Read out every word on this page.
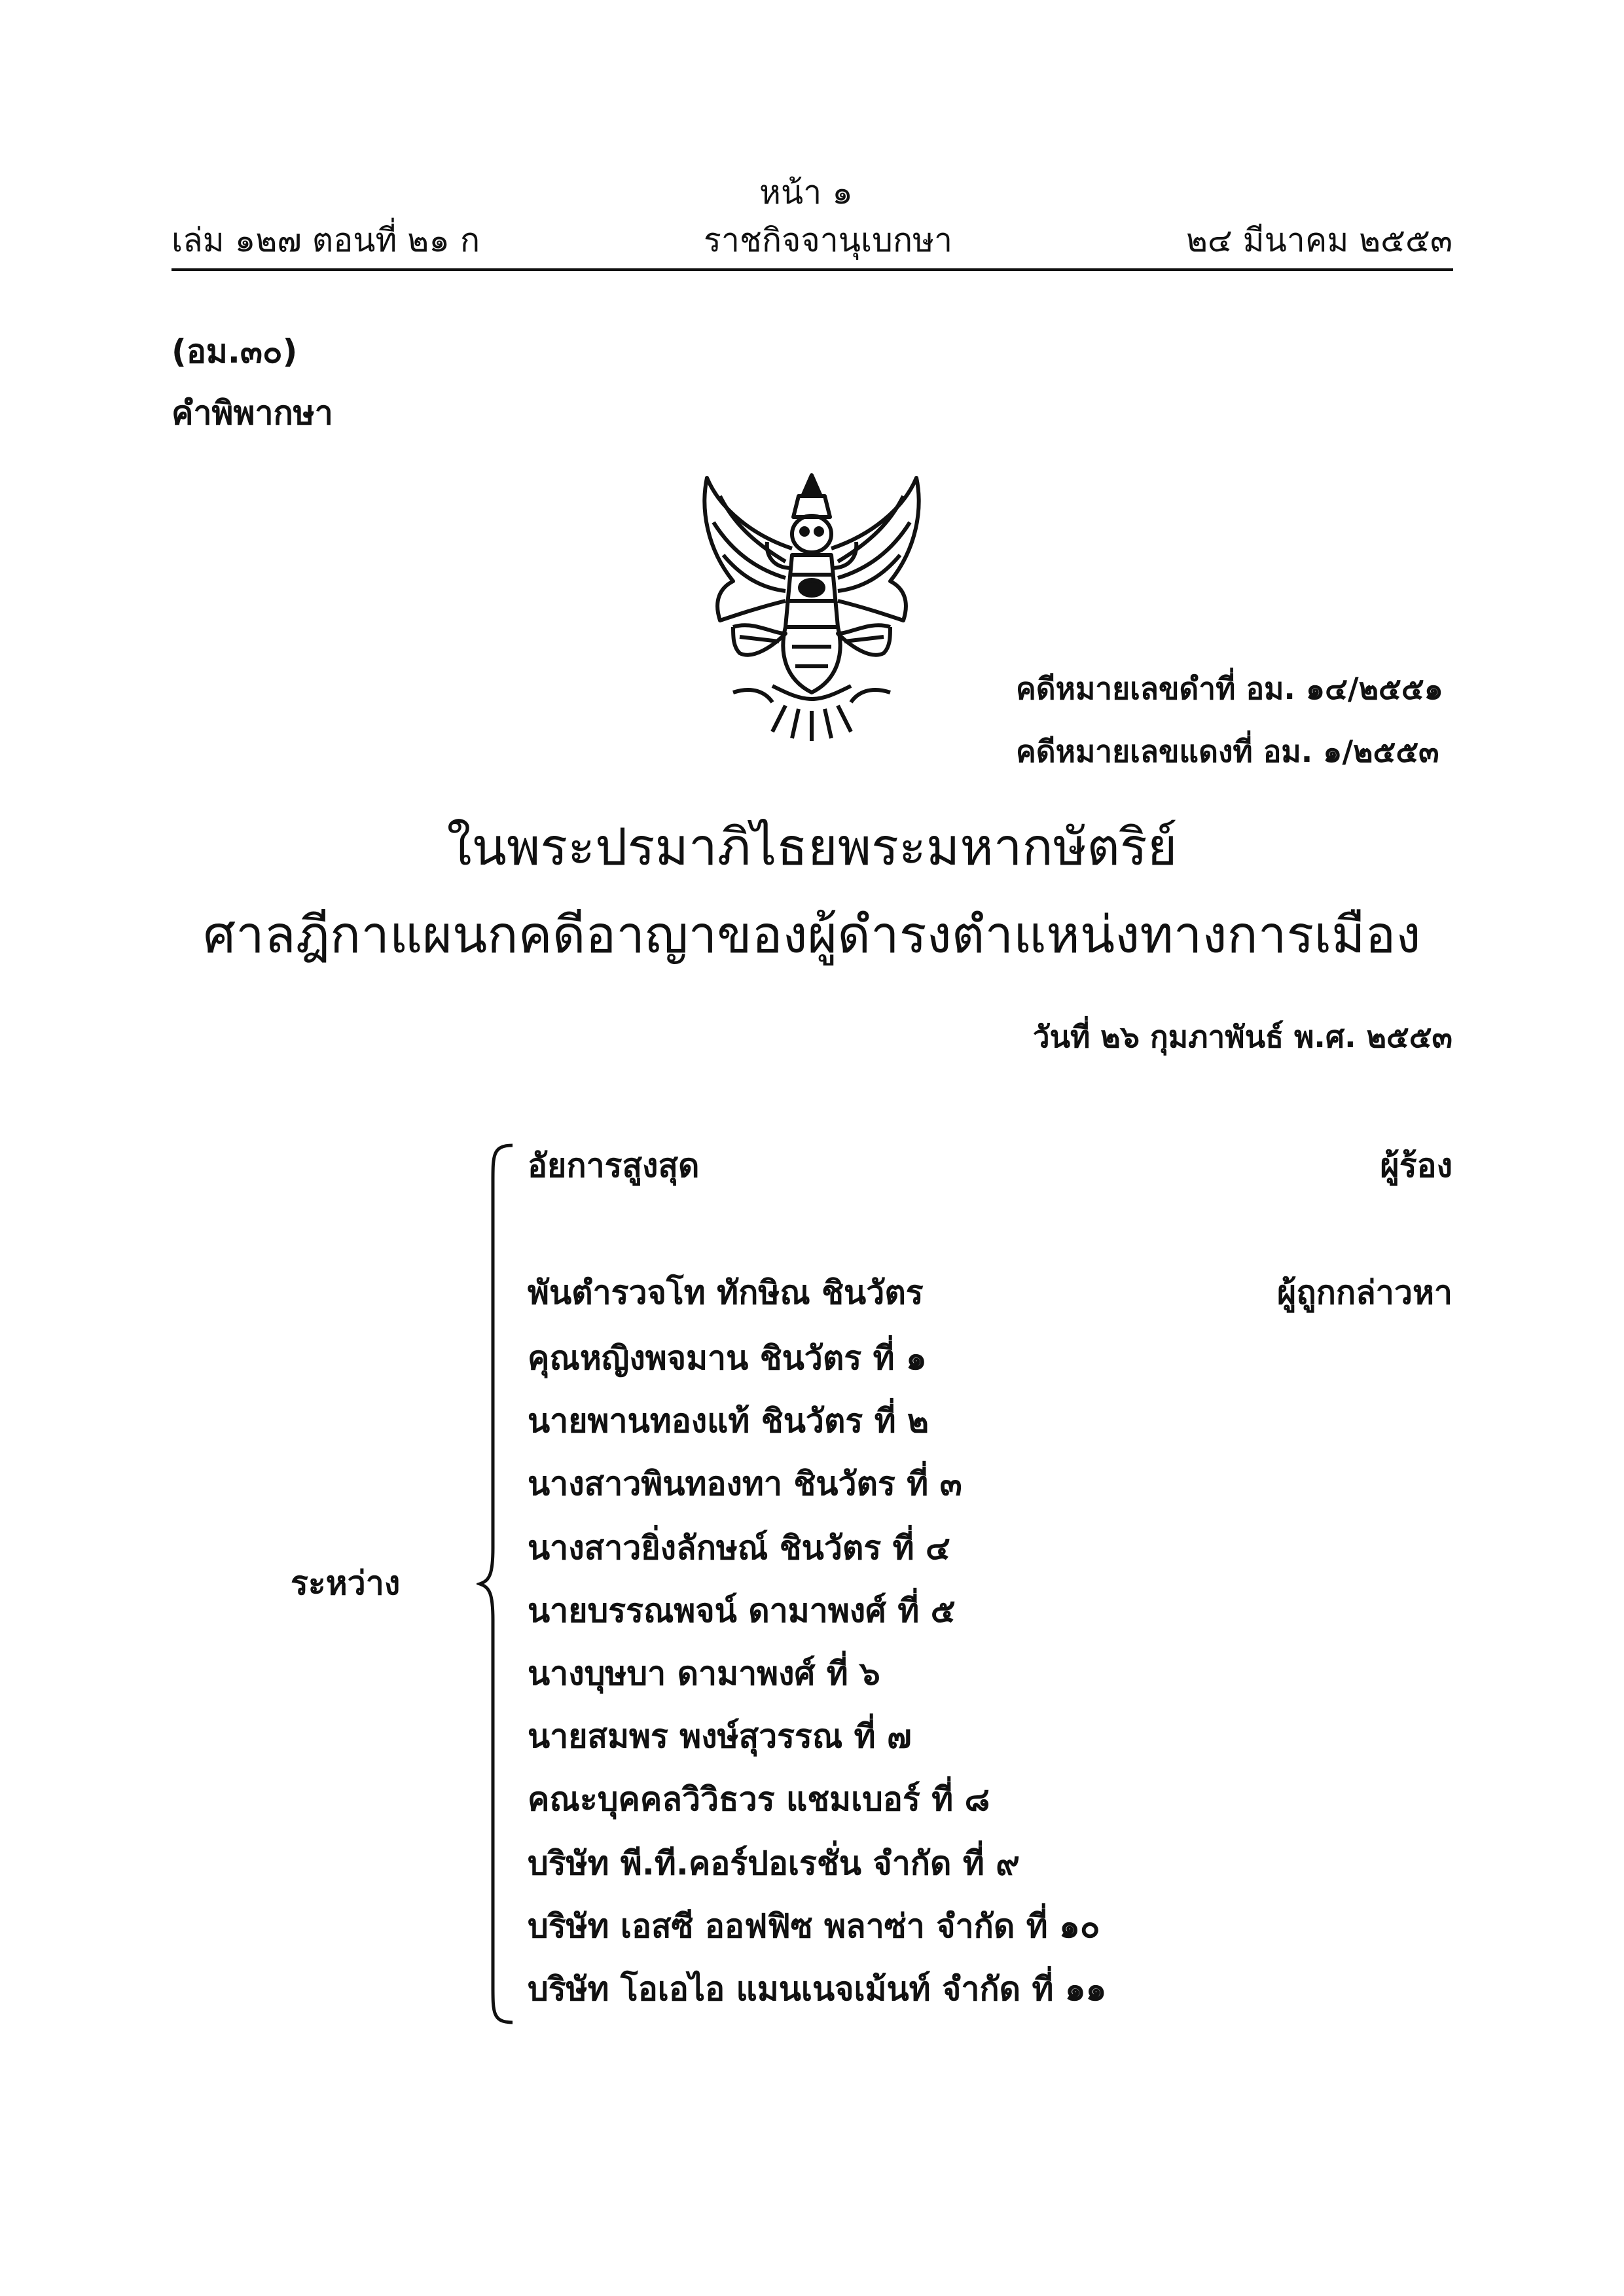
หน้า ๑
เล่ม ๑๒๗ ตอนที่ ๒๑ ก	ราชกิจจานุเบกษา	๒๔ มีนาคม ๒๕๕๓
(อม.๓๐)
คำพิพากษา
คดีหมายเลขดำที่ อม. ๑๔/๒๕๕๑
คดีหมายเลขแดงที่ อม. ๑/๒๕๕๓
ในพระปรมาภิไธยพระมหากษัตริย์
ศาลฎีกาแผนกคดีอาญาของผู้ดำรงตำแหน่งทางการเมือง
วันที่ ๒๖ กุมภาพันธ์ พ.ศ. ๒๕๕๓
ระหว่าง
อัยการสูงสุด	ผู้ร้อง
พันตำรวจโท ทักษิณ ชินวัตร	ผู้ถูกกล่าวหา
คุณหญิงพจมาน ชินวัตร ที่ ๑
นายพานทองแท้ ชินวัตร ที่ ๒
นางสาวพินทองทา ชินวัตร ที่ ๓
นางสาวยิ่งลักษณ์ ชินวัตร ที่ ๔
นายบรรณพจน์ ดามาพงศ์ ที่ ๕
นางบุษบา ดามาพงศ์ ที่ ๖
นายสมพร พงษ์สุวรรณ ที่ ๗
คณะบุคคลวิวิธวร แชมเบอร์ ที่ ๘
บริษัท พี.ที.คอร์ปอเรชั่น จำกัด ที่ ๙
บริษัท เอสซี ออฟฟิซ พลาซ่า จำกัด ที่ ๑๐
บริษัท โอเอไอ แมนเนจเม้นท์ จำกัด ที่ ๑๑
